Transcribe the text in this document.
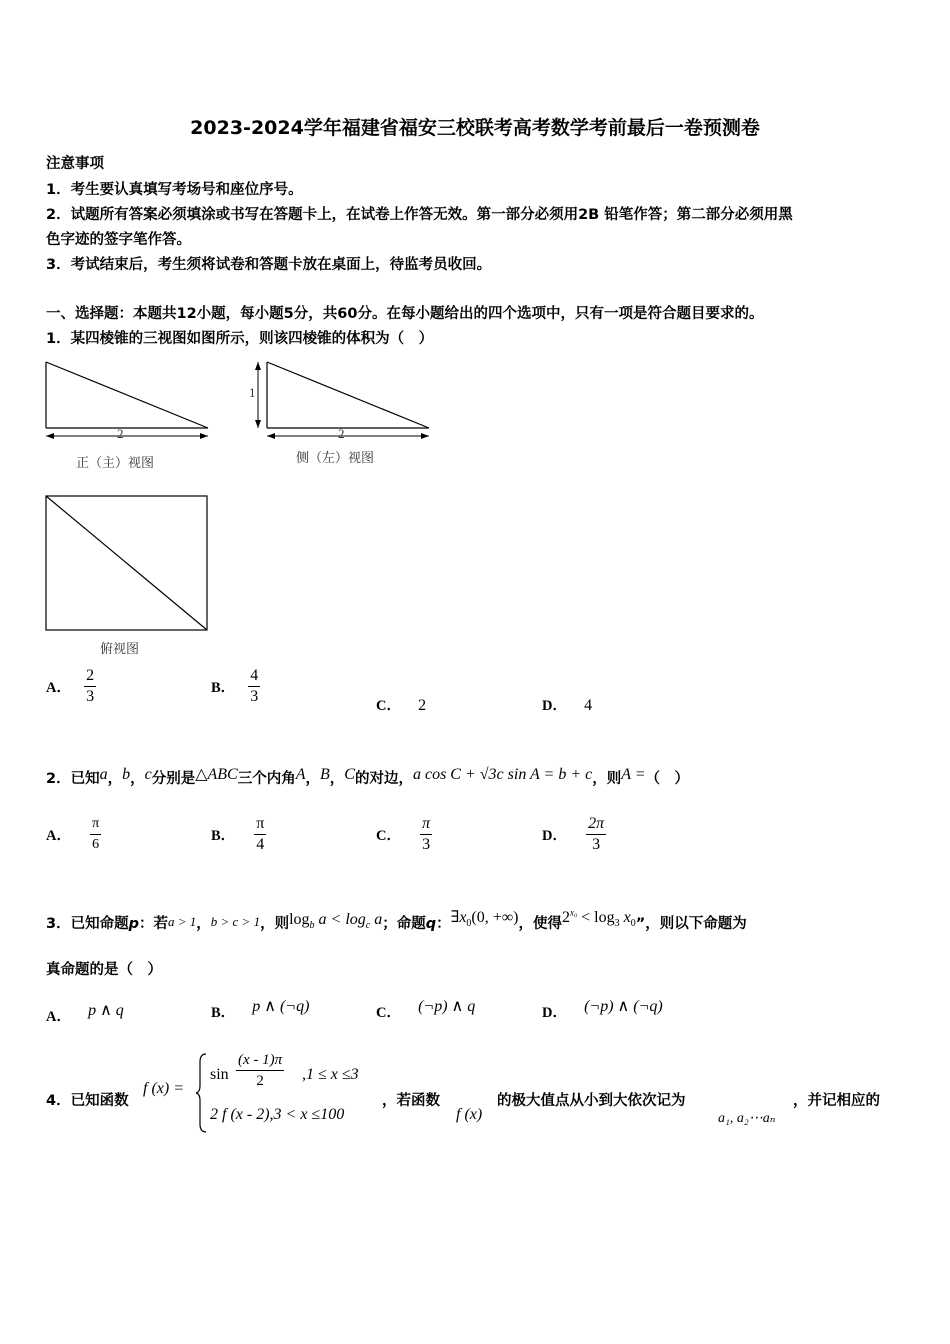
2023-2024学年福建省福安三校联考高考数学考前最后一卷预测卷
注意事项
1．考生要认真填写考场号和座位序号。
2．试题所有答案必须填涂或书写在答题卡上，在试卷上作答无效。第一部分必须用2B 铅笔作答；第二部分必须用黑
色字迹的签字笔作答。
3．考试结束后，考生须将试卷和答题卡放在桌面上，待监考员收回。
一、选择题：本题共12小题，每小题5分，共60分。在每小题给出的四个选项中，只有一项是符合题目要求的。
1．某四棱锥的三视图如图所示，则该四棱锥的体积为（　）
2
正（主）视图
1
2
侧（左）视图
俯视图
A． $\frac{2}{3}$	B． $\frac{4}{3}$	C． 2	D． 4
2．已知a，b，c分别是△ABC三个内角A，B，C的对边，a cos C + √3c sin A = b + c，则A =（　）
A． $\frac{\pi}{6}$	B． $\frac{\pi}{4}$	C． $\frac{\pi}{3}$	D． $\frac{2\pi}{3}$
3．已知命题p：若a > 1，b > c > 1，则$\log_b a < \log_c a$；命题q：$\exists x_0(0$, +∞)，使得$2^{x_0} < \log_3 x_0$”，则以下命题为
真命题的是（　）
A． p ∧ q	B． p ∧ (¬q)	C． (¬p) ∧ q	D． (¬p) ∧ (¬q)
4．已知函数
f (x) =
$\sin \frac{(x - 1)\pi}{2} ,1 \le x \le 3$
2 f (x - 2),3 < x ≤100
，若函数
f (x)
的极大值点从小到大依次记为
a₁, a₂⋯aₙ
，并记相应的
